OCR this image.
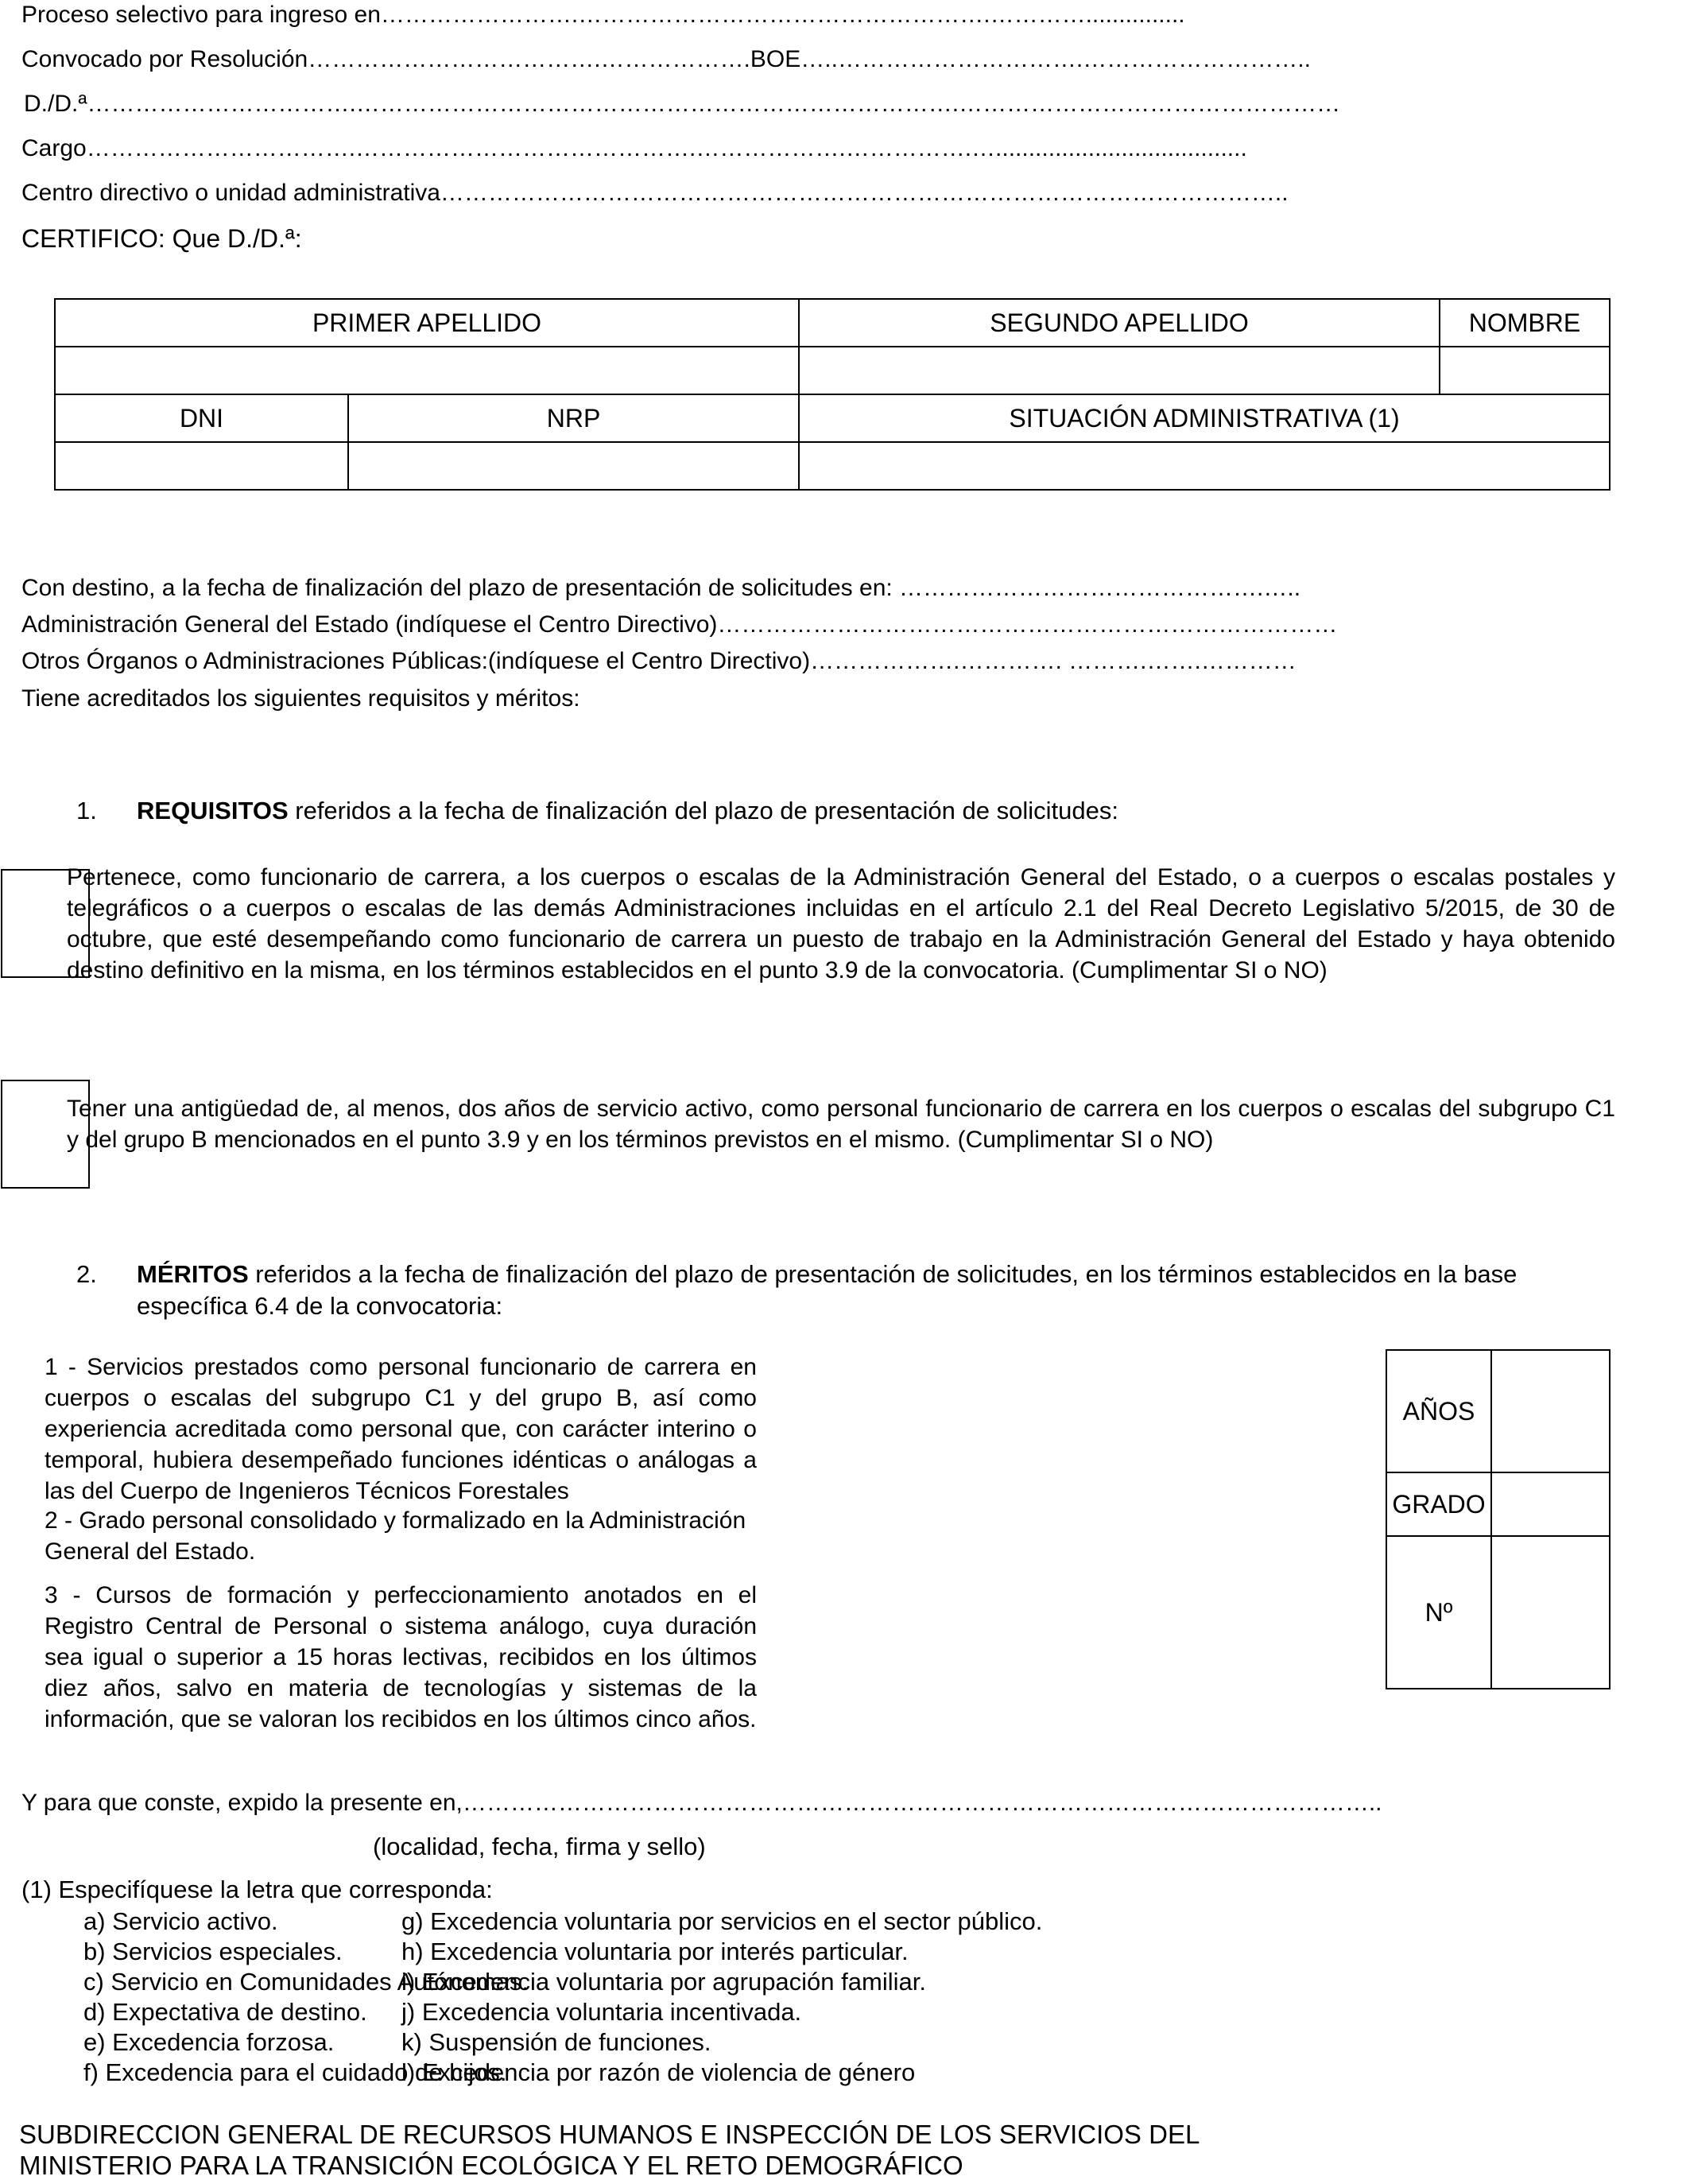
Proceso selectivo para ingreso en…………………….…………………………………………….…………...............
Convocado por Resolución……………………………….……………….BOE…..………………………….………………………..
D./D.ª…………………………….………………………………………………………………….…………………………………………
Cargo…………………………….…………………………………….……………….…………….…......................................
Centro directivo o unidad administrativa……………………………………………………………………………………………..
CERTIFICO: Que D./D.ª:
PRIMER APELLIDO		SEGUNDO APELLIDO	NOMBRE

DNI	NRP	SITUACIÓN ADMINISTRATIVA (1)	

Con destino, a la fecha de finalización del plazo de presentación de solicitudes en: ……………………………………….…..
Administración General del Estado (indíquese el Centro Directivo)……………………………………………………………………
Otros Órganos o Administraciones Públicas:(indíquese el Centro Directivo)……………….…………. ……….…….…………
Tiene acreditados los siguientes requisitos y méritos:
1. REQUISITOS referidos a la fecha de finalización del plazo de presentación de solicitudes:
Pertenece, como funcionario de carrera, a los cuerpos o escalas de la Administración General del Estado, o a cuerpos o escalas postales y telegráficos o a cuerpos o escalas de las demás Administraciones incluidas en el artículo 2.1 del Real Decreto Legislativo 5/2015, de 30 de octubre, que esté desempeñando como funcionario de carrera un puesto de trabajo en la Administración General del Estado y haya obtenido destino definitivo en la misma, en los términos establecidos en el punto 3.9 de la convocatoria. (Cumplimentar SI o NO)
Tener una antigüedad de, al menos, dos años de servicio activo, como personal funcionario de carrera en los cuerpos o escalas del subgrupo C1 y del grupo B mencionados en el punto 3.9 y en los términos previstos en el mismo. (Cumplimentar SI o NO)
2. MÉRITOS referidos a la fecha de finalización del plazo de presentación de solicitudes, en los términos establecidos en la base específica 6.4 de la convocatoria:
1 - Servicios prestados como personal funcionario de carrera en cuerpos o escalas del subgrupo C1 y del grupo B, así como experiencia acreditada como personal que, con carácter interino o temporal, hubiera desempeñado funciones idénticas o análogas a las del Cuerpo de Ingenieros Técnicos Forestales
2 - Grado personal consolidado y formalizado en la Administración General del Estado.
3 - Cursos de formación y perfeccionamiento anotados en el Registro Central de Personal o sistema análogo, cuya duración sea igual o superior a 15 horas lectivas, recibidos en los últimos diez años, salvo en materia de tecnologías y sistemas de la información, que se valoran los recibidos en los últimos cinco años.
AÑOS	
GRADO	
Nº	
Y para que conste, expido la presente en,……………………………………………………………………………………………………..
(localidad, fecha, firma y sello)
(1) Especifíquese la letra que corresponda:
a) Servicio activo.
b) Servicios especiales.
c) Servicio en Comunidades Autónomas.
d) Expectativa de destino.
e) Excedencia forzosa.
f) Excedencia para el cuidado de hijos.
g) Excedencia voluntaria por servicios en el sector público.
h) Excedencia voluntaria por interés particular.
i) Excedencia voluntaria por agrupación familiar.
j) Excedencia voluntaria incentivada.
k) Suspensión de funciones.
l) Excedencia por razón de violencia de género
SUBDIRECCION GENERAL DE RECURSOS HUMANOS E INSPECCIÓN DE LOS SERVICIOS DEL
MINISTERIO PARA LA TRANSICIÓN ECOLÓGICA Y EL RETO DEMOGRÁFICO
